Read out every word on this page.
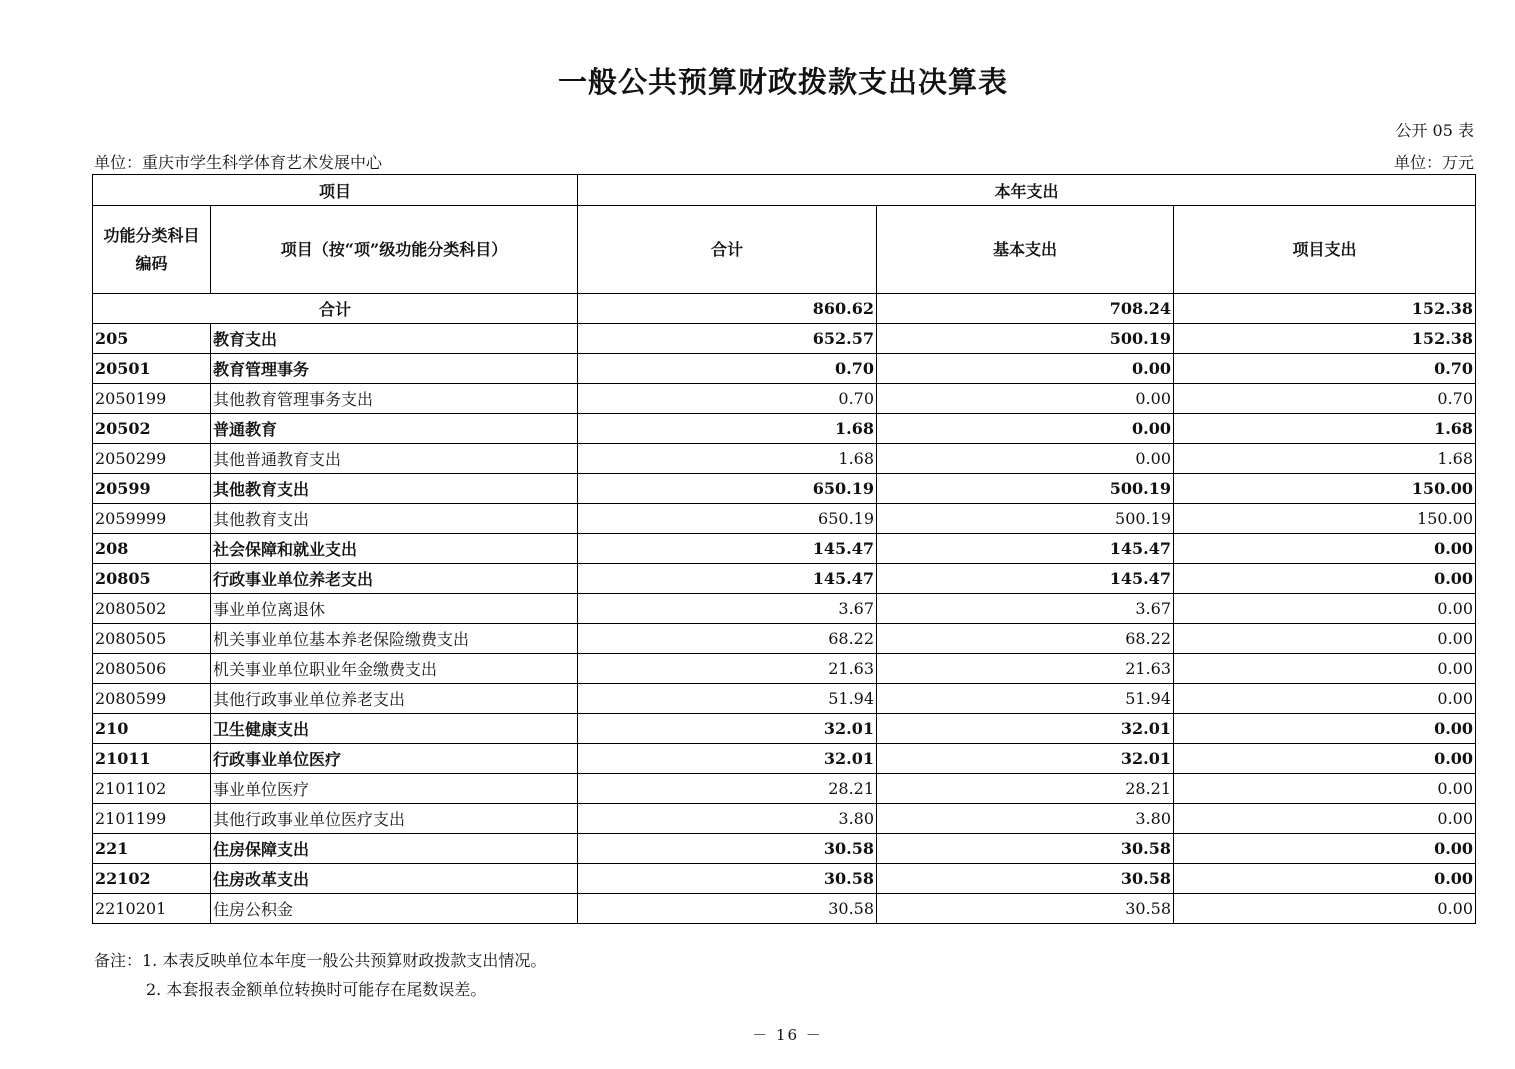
一般公共预算财政拨款支出决算表
公开 05 表
单位：重庆市学生科学体育艺术发展中心	单位：万元
项目		本年支出		
功能分类科目
编码	项目（按“项”级功能分类科目）	合计	基本支出	项目支出
合计		860.62	708.24	152.38
205	教育支出	652.57	500.19	152.38
20501	教育管理事务	0.70	0.00	0.70
2050199	其他教育管理事务支出	0.70	0.00	0.70
20502	普通教育	1.68	0.00	1.68
2050299	其他普通教育支出	1.68	0.00	1.68
20599	其他教育支出	650.19	500.19	150.00
2059999	其他教育支出	650.19	500.19	150.00
208	社会保障和就业支出	145.47	145.47	0.00
20805	行政事业单位养老支出	145.47	145.47	0.00
2080502	事业单位离退休	3.67	3.67	0.00
2080505	机关事业单位基本养老保险缴费支出	68.22	68.22	0.00
2080506	机关事业单位职业年金缴费支出	21.63	21.63	0.00
2080599	其他行政事业单位养老支出	51.94	51.94	0.00
210	卫生健康支出	32.01	32.01	0.00
21011	行政事业单位医疗	32.01	32.01	0.00
2101102	事业单位医疗	28.21	28.21	0.00
2101199	其他行政事业单位医疗支出	3.80	3.80	0.00
221	住房保障支出	30.58	30.58	0.00
22102	住房改革支出	30.58	30.58	0.00
2210201	住房公积金	30.58	30.58	0.00
备注：1. 本表反映单位本年度一般公共预算财政拨款支出情况。
2. 本套报表金额单位转换时可能存在尾数误差。
－ 16 －
